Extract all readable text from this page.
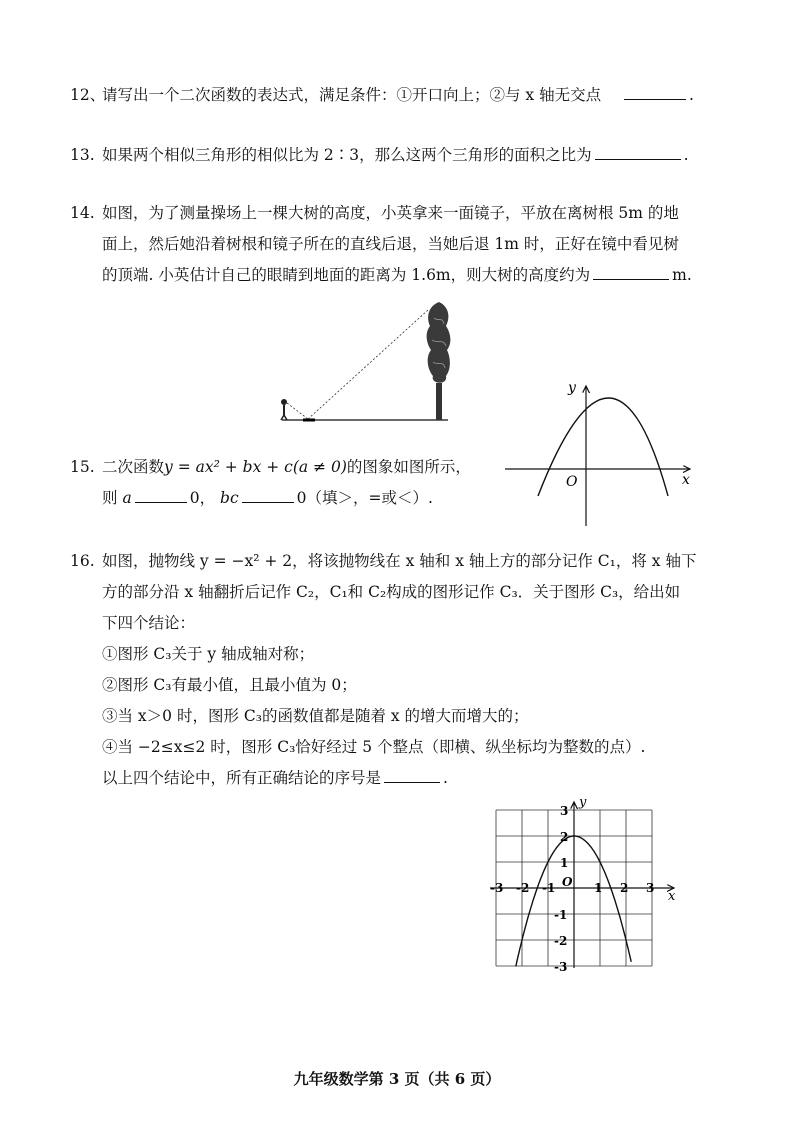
12、请写出一个二次函数的表达式，满足条件：①开口向上；②与 x 轴无交点	.
13. 如果两个相似三角形的相似比为 2∶3，那么这两个三角形的面积之比为	.
14. 如图，为了测量操场上一棵大树的高度，小英拿来一面镜子，平放在离树根 5m 的地
面上，然后她沿着树根和镜子所在的直线后退，当她后退 1m 时，正好在镜中看见树
的顶端. 小英估计自己的眼睛到地面的距离为 1.6m，则大树的高度约为	m.
15. 二次函数y = ax² + bx + c(a ≠ 0)的图象如图所示，
则 a	0， bc	0（填＞，=或＜）.
y
x
O
16. 如图，抛物线 y = −x² + 2，将该抛物线在 x 轴和 x 轴上方的部分记作 C₁，将 x 轴下
方的部分沿 x 轴翻折后记作 C₂，C₁和 C₂构成的图形记作 C₃．关于图形 C₃，给出如
下四个结论：
①图形 C₃关于 y 轴成轴对称；
②图形 C₃有最小值，且最小值为 0；
③当 x＞0 时，图形 C₃的函数值都是随着 x 的增大而增大的；
④当 −2≤x≤2 时，图形 C₃恰好经过 5 个整点（即横、纵坐标均为整数的点）.
以上四个结论中，所有正确结论的序号是	.
-3 -2 -1	1 2 3
3
2
1
-1
-2
-3
y
x
O
九年级数学第 3 页（共 6 页）
